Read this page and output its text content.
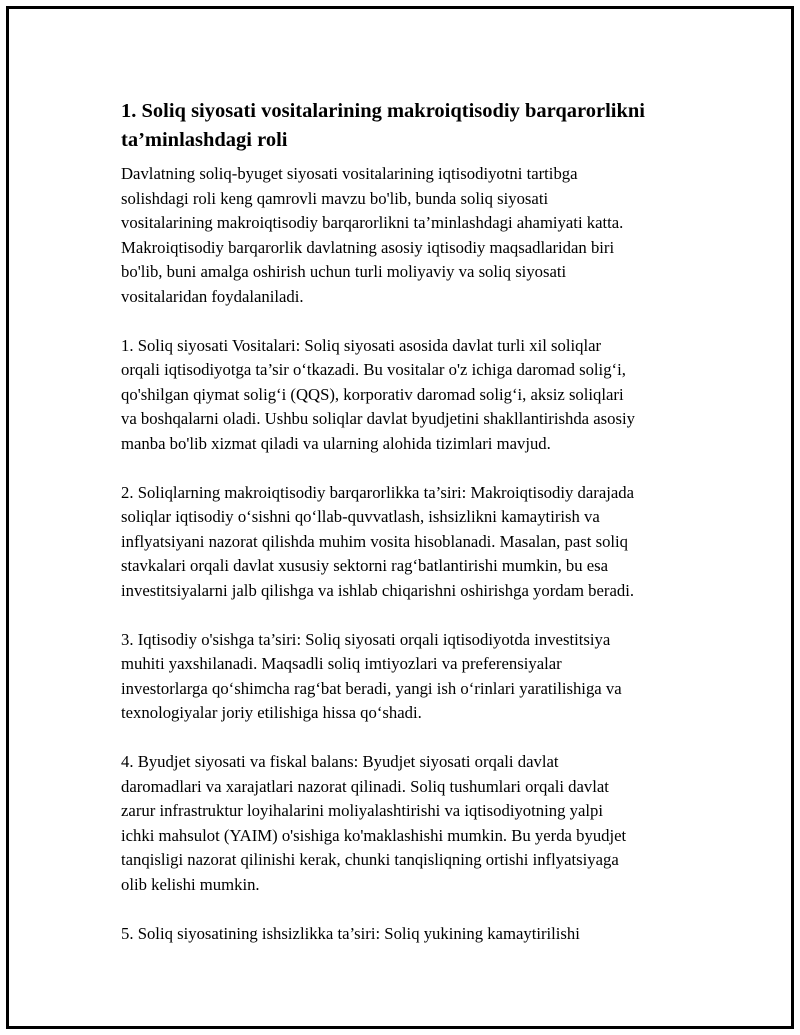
1. Soliq siyosati vositalarining makroiqtisodiy barqarorlikni
ta’minlashdagi roli

Davlatning soliq-byuget siyosati vositalarining iqtisodiyotni tartibga
solishdagi roli keng qamrovli mavzu bo'lib, bunda soliq siyosati
vositalarining makroiqtisodiy barqarorlikni ta’minlashdagi ahamiyati katta.
Makroiqtisodiy barqarorlik davlatning asosiy iqtisodiy maqsadlaridan biri
bo'lib, buni amalga oshirish uchun turli moliyaviy va soliq siyosati
vositalaridan foydalaniladi.

1. Soliq siyosati Vositalari: Soliq siyosati asosida davlat turli xil soliqlar
orqali iqtisodiyotga ta’sir o‘tkazadi. Bu vositalar o'z ichiga daromad solig‘i,
qo'shilgan qiymat solig‘i (QQS), korporativ daromad solig‘i, aksiz soliqlari
va boshqalarni oladi. Ushbu soliqlar davlat byudjetini shakllantirishda asosiy
manba bo'lib xizmat qiladi va ularning alohida tizimlari mavjud.

2. Soliqlarning makroiqtisodiy barqarorlikka ta’siri: Makroiqtisodiy darajada
soliqlar iqtisodiy o‘sishni qo‘llab-quvvatlash, ishsizlikni kamaytirish va
inflyatsiyani nazorat qilishda muhim vosita hisoblanadi. Masalan, past soliq
stavkalari orqali davlat xususiy sektorni rag‘batlantirishi mumkin, bu esa
investitsiyalarni jalb qilishga va ishlab chiqarishni oshirishga yordam beradi.

3. Iqtisodiy o'sishga ta’siri: Soliq siyosati orqali iqtisodiyotda investitsiya
muhiti yaxshilanadi. Maqsadli soliq imtiyozlari va preferensiyalar
investorlarga qo‘shimcha rag‘bat beradi, yangi ish o‘rinlari yaratilishiga va
texnologiyalar joriy etilishiga hissa qo‘shadi.

4. Byudjet siyosati va fiskal balans: Byudjet siyosati orqali davlat
daromadlari va xarajatlari nazorat qilinadi. Soliq tushumlari orqali davlat
zarur infrastruktur loyihalarini moliyalashtirishi va iqtisodiyotning yalpi
ichki mahsulot (YAIM) o'sishiga ko'maklashishi mumkin. Bu yerda byudjet
tanqisligi nazorat qilinishi kerak, chunki tanqisliqning ortishi inflyatsiyaga
olib kelishi mumkin.

5. Soliq siyosatining ishsizlikka ta’siri: Soliq yukining kamaytirilishi
